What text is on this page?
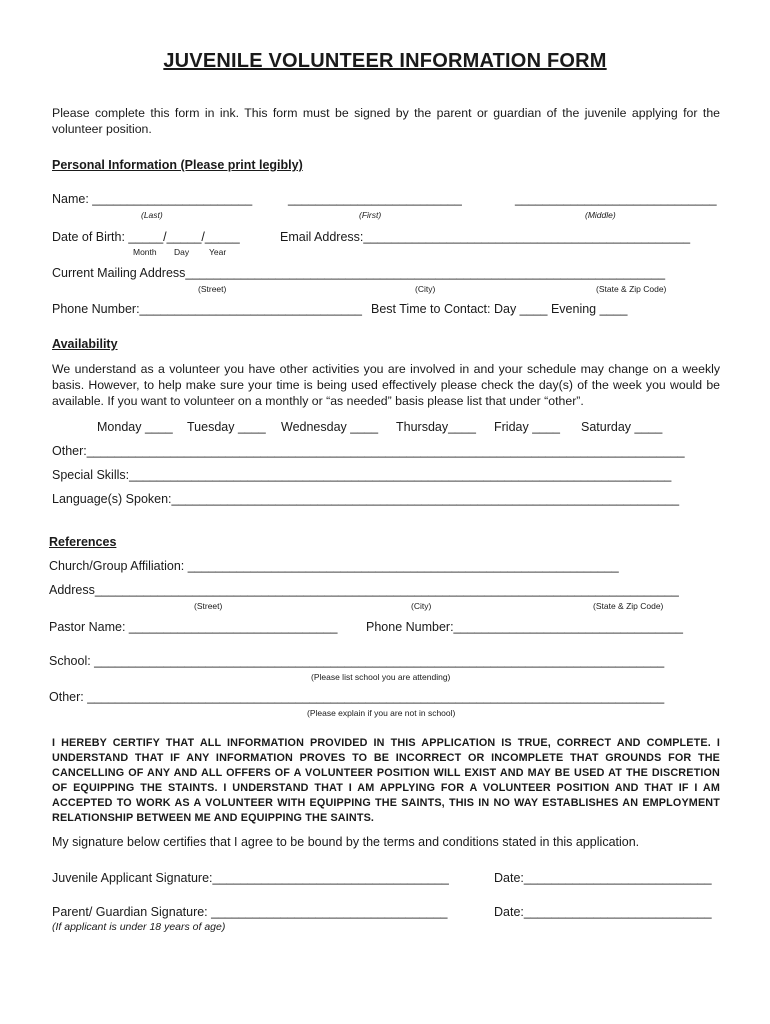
JUVENILE VOLUNTEER INFORMATION FORM
Please complete this form in ink. This form must be signed by the parent or guardian of the juvenile applying for the volunteer position.
Personal Information (Please print legibly)
Name: _______________________	_________________________	_____________________________
(Last)	(First)	(Middle)
Date of Birth: _____/_____/_____
Month Day Year
Email Address:_______________________________________________
Current Mailing Address_____________________________________________________________________
(Street)	(City)	(State & Zip Code)
Phone Number:________________________________ Best Time to Contact: Day ____ Evening ____
Availability
We understand as a volunteer you have other activities you are involved in and your schedule may change on a weekly basis. However, to help make sure your time is being used effectively please check the day(s) of the week you would be available. If you want to volunteer on a monthly or “as needed” basis please list that under “other”.
Monday ____ Tuesday ____ Wednesday ____ Thursday____ Friday ____ Saturday ____
Other:______________________________________________________________________________________
Special Skills:______________________________________________________________________________
Language(s) Spoken:_________________________________________________________________________
References
Church/Group Affiliation: ______________________________________________________________
Address____________________________________________________________________________________
(Street)	(City)	(State & Zip Code)
Pastor Name: ______________________________ Phone Number:_________________________________
School: __________________________________________________________________________________
(Please list school you are attending)
Other: ___________________________________________________________________________________
(Please explain if you are not in school)
I HEREBY CERTIFY THAT ALL INFORMATION PROVIDED IN THIS APPLICATION IS TRUE, CORRECT AND COMPLETE. I UNDERSTAND THAT IF ANY INFORMATION PROVES TO BE INCORRECT OR INCOMPLETE THAT GROUNDS FOR THE CANCELLING OF ANY AND ALL OFFERS OF A VOLUNTEER POSITION WILL EXIST AND MAY BE USED AT THE DISCRETION OF EQUIPPING THE STAINTS. I UNDERSTAND THAT I AM APPLYING FOR A VOLUNTEER POSITION AND THAT IF I AM ACCEPTED TO WORK AS A VOLUNTEER WITH EQUIPPING THE SAINTS, THIS IN NO WAY ESTABLISHES AN EMPLOYMENT RELATIONSHIP BETWEEN ME AND EQUIPPING THE SAINTS.
My signature below certifies that I agree to be bound by the terms and conditions stated in this application.
Juvenile Applicant Signature:__________________________________	Date:___________________________
Parent/ Guardian Signature: __________________________________	Date:___________________________
(If applicant is under 18 years of age)
